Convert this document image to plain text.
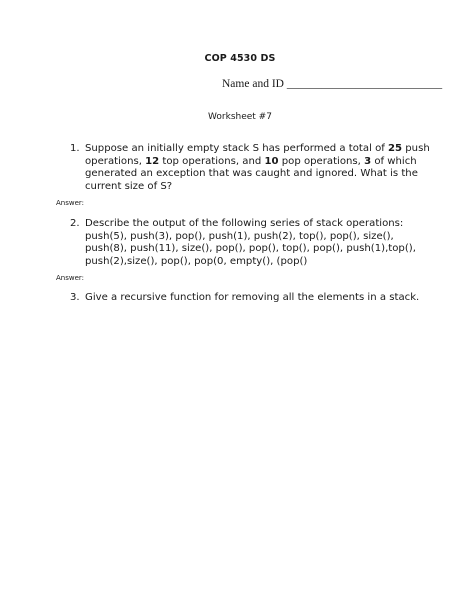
COP 4530 DS
Name and ID ___________________________
Worksheet #7
1. Suppose an initially empty stack S has performed a total of 25 push operations, 12 top operations, and 10 pop operations, 3 of which generated an exception that was caught and ignored. What is the current size of S?
Answer:
2. Describe the output of the following series of stack operations: push(5), push(3), pop(), push(1), push(2), top(), pop(), size(), push(8), push(11), size(), pop(), pop(), top(), pop(), push(1),top(), push(2),size(), pop(), pop(0, empty(), (pop()
Answer:
3. Give a recursive function for removing all the elements in a stack.
